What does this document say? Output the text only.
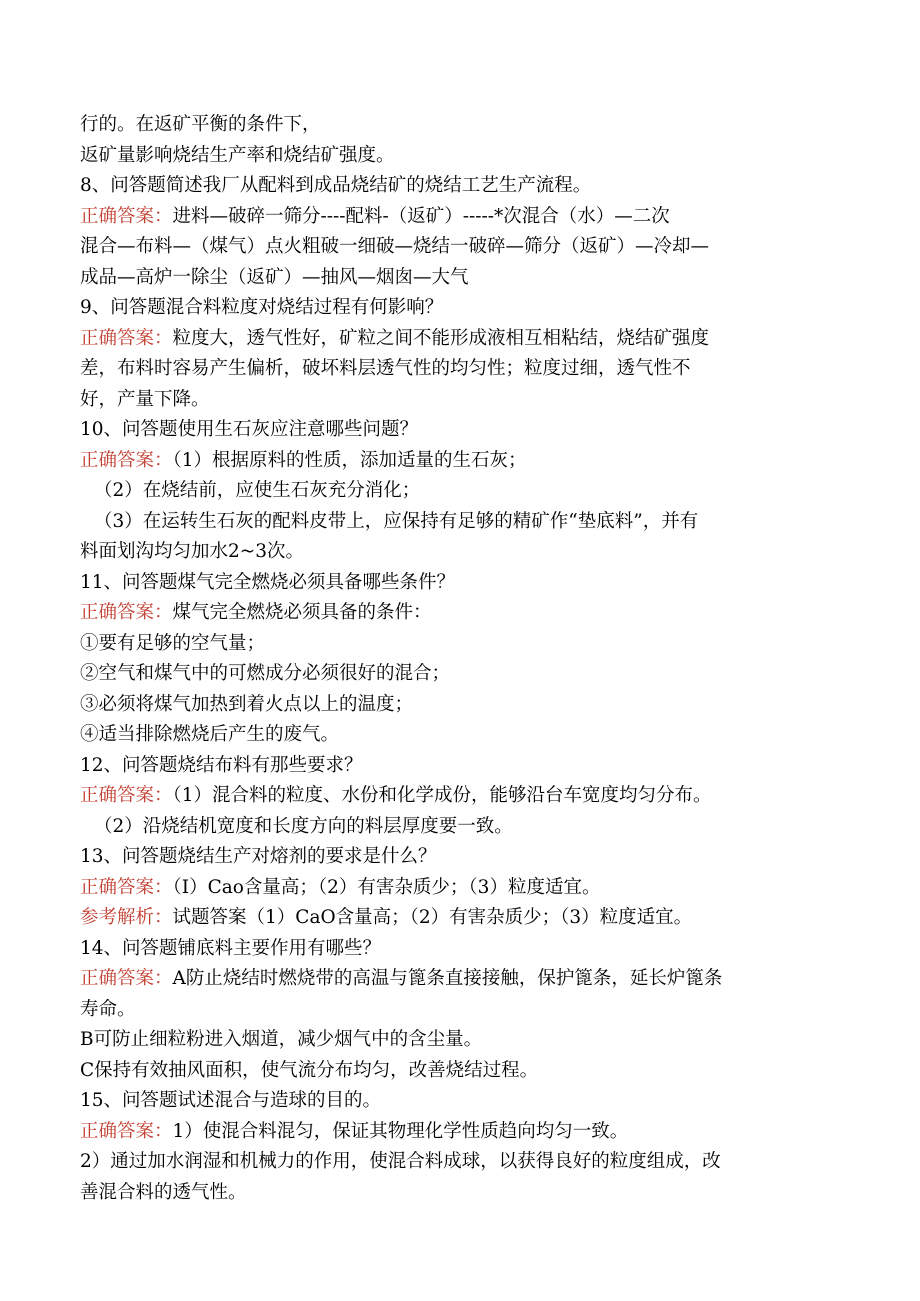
行的。在返矿平衡的条件下，
返矿量影响烧结生产率和烧结矿强度。
8、问答题简述我厂从配料到成品烧结矿的烧结工艺生产流程。
正确答案：进料—破碎一筛分----配料-（返矿）-----*次混合（水）—二次
混合—布料—（煤气）点火粗破一细破—烧结一破碎—筛分（返矿）—冷却—
成品—高炉一除尘（返矿）—抽风—烟囱—大气
9、问答题混合料粒度对烧结过程有何影响？
正确答案：粒度大，透气性好，矿粒之间不能形成液相互相粘结，烧结矿强度
差，布料时容易产生偏析，破坏料层透气性的均匀性；粒度过细，透气性不
好，产量下降。
10、问答题使用生石灰应注意哪些问题？
正确答案：（1）根据原料的性质，添加适量的生石灰；
（2）在烧结前，应使生石灰充分消化；
（3）在运转生石灰的配料皮带上，应保持有足够的精矿作“垫底料”，并有
料面划沟均匀加水2~3次。
11、问答题煤气完全燃烧必须具备哪些条件？
正确答案：煤气完全燃烧必须具备的条件：
①要有足够的空气量；
②空气和煤气中的可燃成分必须很好的混合；
③必须将煤气加热到着火点以上的温度；
④适当排除燃烧后产生的废气。
12、问答题烧结布料有那些要求？
正确答案：（1）混合料的粒度、水份和化学成份，能够沿台车宽度均匀分布。
（2）沿烧结机宽度和长度方向的料层厚度要一致。
13、问答题烧结生产对熔剂的要求是什么？
正确答案：（I）Cao含量高；（2）有害杂质少；（3）粒度适宜。
参考解析：试题答案（1）CaO含量高；（2）有害杂质少；（3）粒度适宜。
14、问答题铺底料主要作用有哪些？
正确答案：A防止烧结时燃烧带的高温与篦条直接接触，保护篦条，延长炉篦条
寿命。
B可防止细粒粉进入烟道，减少烟气中的含尘量。
C保持有效抽风面积，使气流分布均匀，改善烧结过程。
15、问答题试述混合与造球的目的。
正确答案：1）使混合料混匀，保证其物理化学性质趋向均匀一致。
2）通过加水润湿和机械力的作用，使混合料成球，以获得良好的粒度组成，改
善混合料的透气性。
